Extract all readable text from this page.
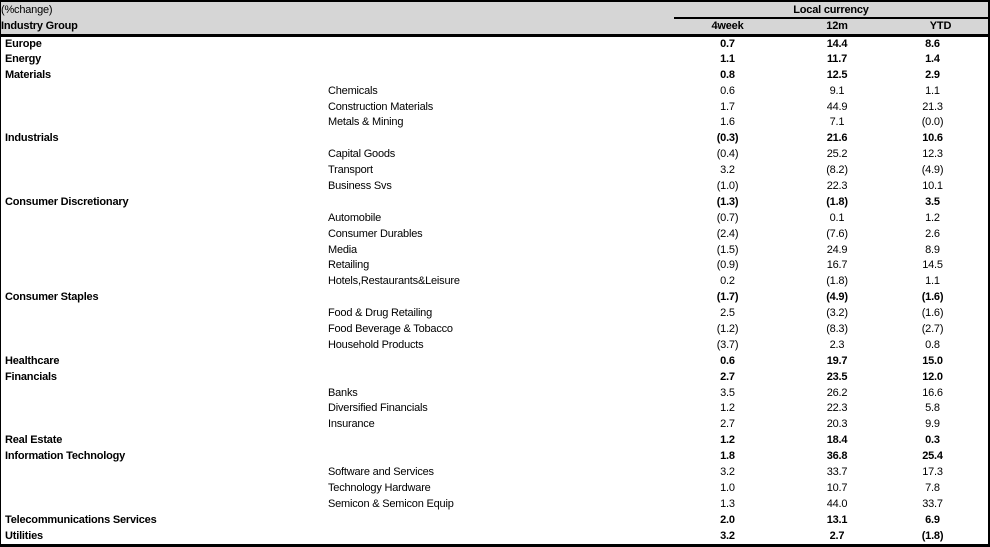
(%change)		Local currency		
Industry Group		4week	12m	YTD
Europe		0.7	14.4	8.6
Energy		1.1	11.7	1.4
Materials		0.8	12.5	2.9
	Chemicals	0.6	9.1	1.1
	Construction Materials	1.7	44.9	21.3
	Metals & Mining	1.6	7.1	(0.0)
Industrials		(0.3)	21.6	10.6
	Capital Goods	(0.4)	25.2	12.3
	Transport	3.2	(8.2)	(4.9)
	Business Svs	(1.0)	22.3	10.1
Consumer Discretionary		(1.3)	(1.8)	3.5
	Automobile	(0.7)	0.1	1.2
	Consumer Durables	(2.4)	(7.6)	2.6
	Media	(1.5)	24.9	8.9
	Retailing	(0.9)	16.7	14.5
	Hotels,Restaurants&Leisure	0.2	(1.8)	1.1
Consumer Staples		(1.7)	(4.9)	(1.6)
	Food & Drug Retailing	2.5	(3.2)	(1.6)
	Food Beverage & Tobacco	(1.2)	(8.3)	(2.7)
	Household Products	(3.7)	2.3	0.8
Healthcare		0.6	19.7	15.0
Financials		2.7	23.5	12.0
	Banks	3.5	26.2	16.6
	Diversified Financials	1.2	22.3	5.8
	Insurance	2.7	20.3	9.9
Real Estate		1.2	18.4	0.3
Information Technology		1.8	36.8	25.4
	Software and Services	3.2	33.7	17.3
	Technology Hardware	1.0	10.7	7.8
	Semicon & Semicon Equip	1.3	44.0	33.7
Telecommunications Services		2.0	13.1	6.9
Utilities		3.2	2.7	(1.8)
